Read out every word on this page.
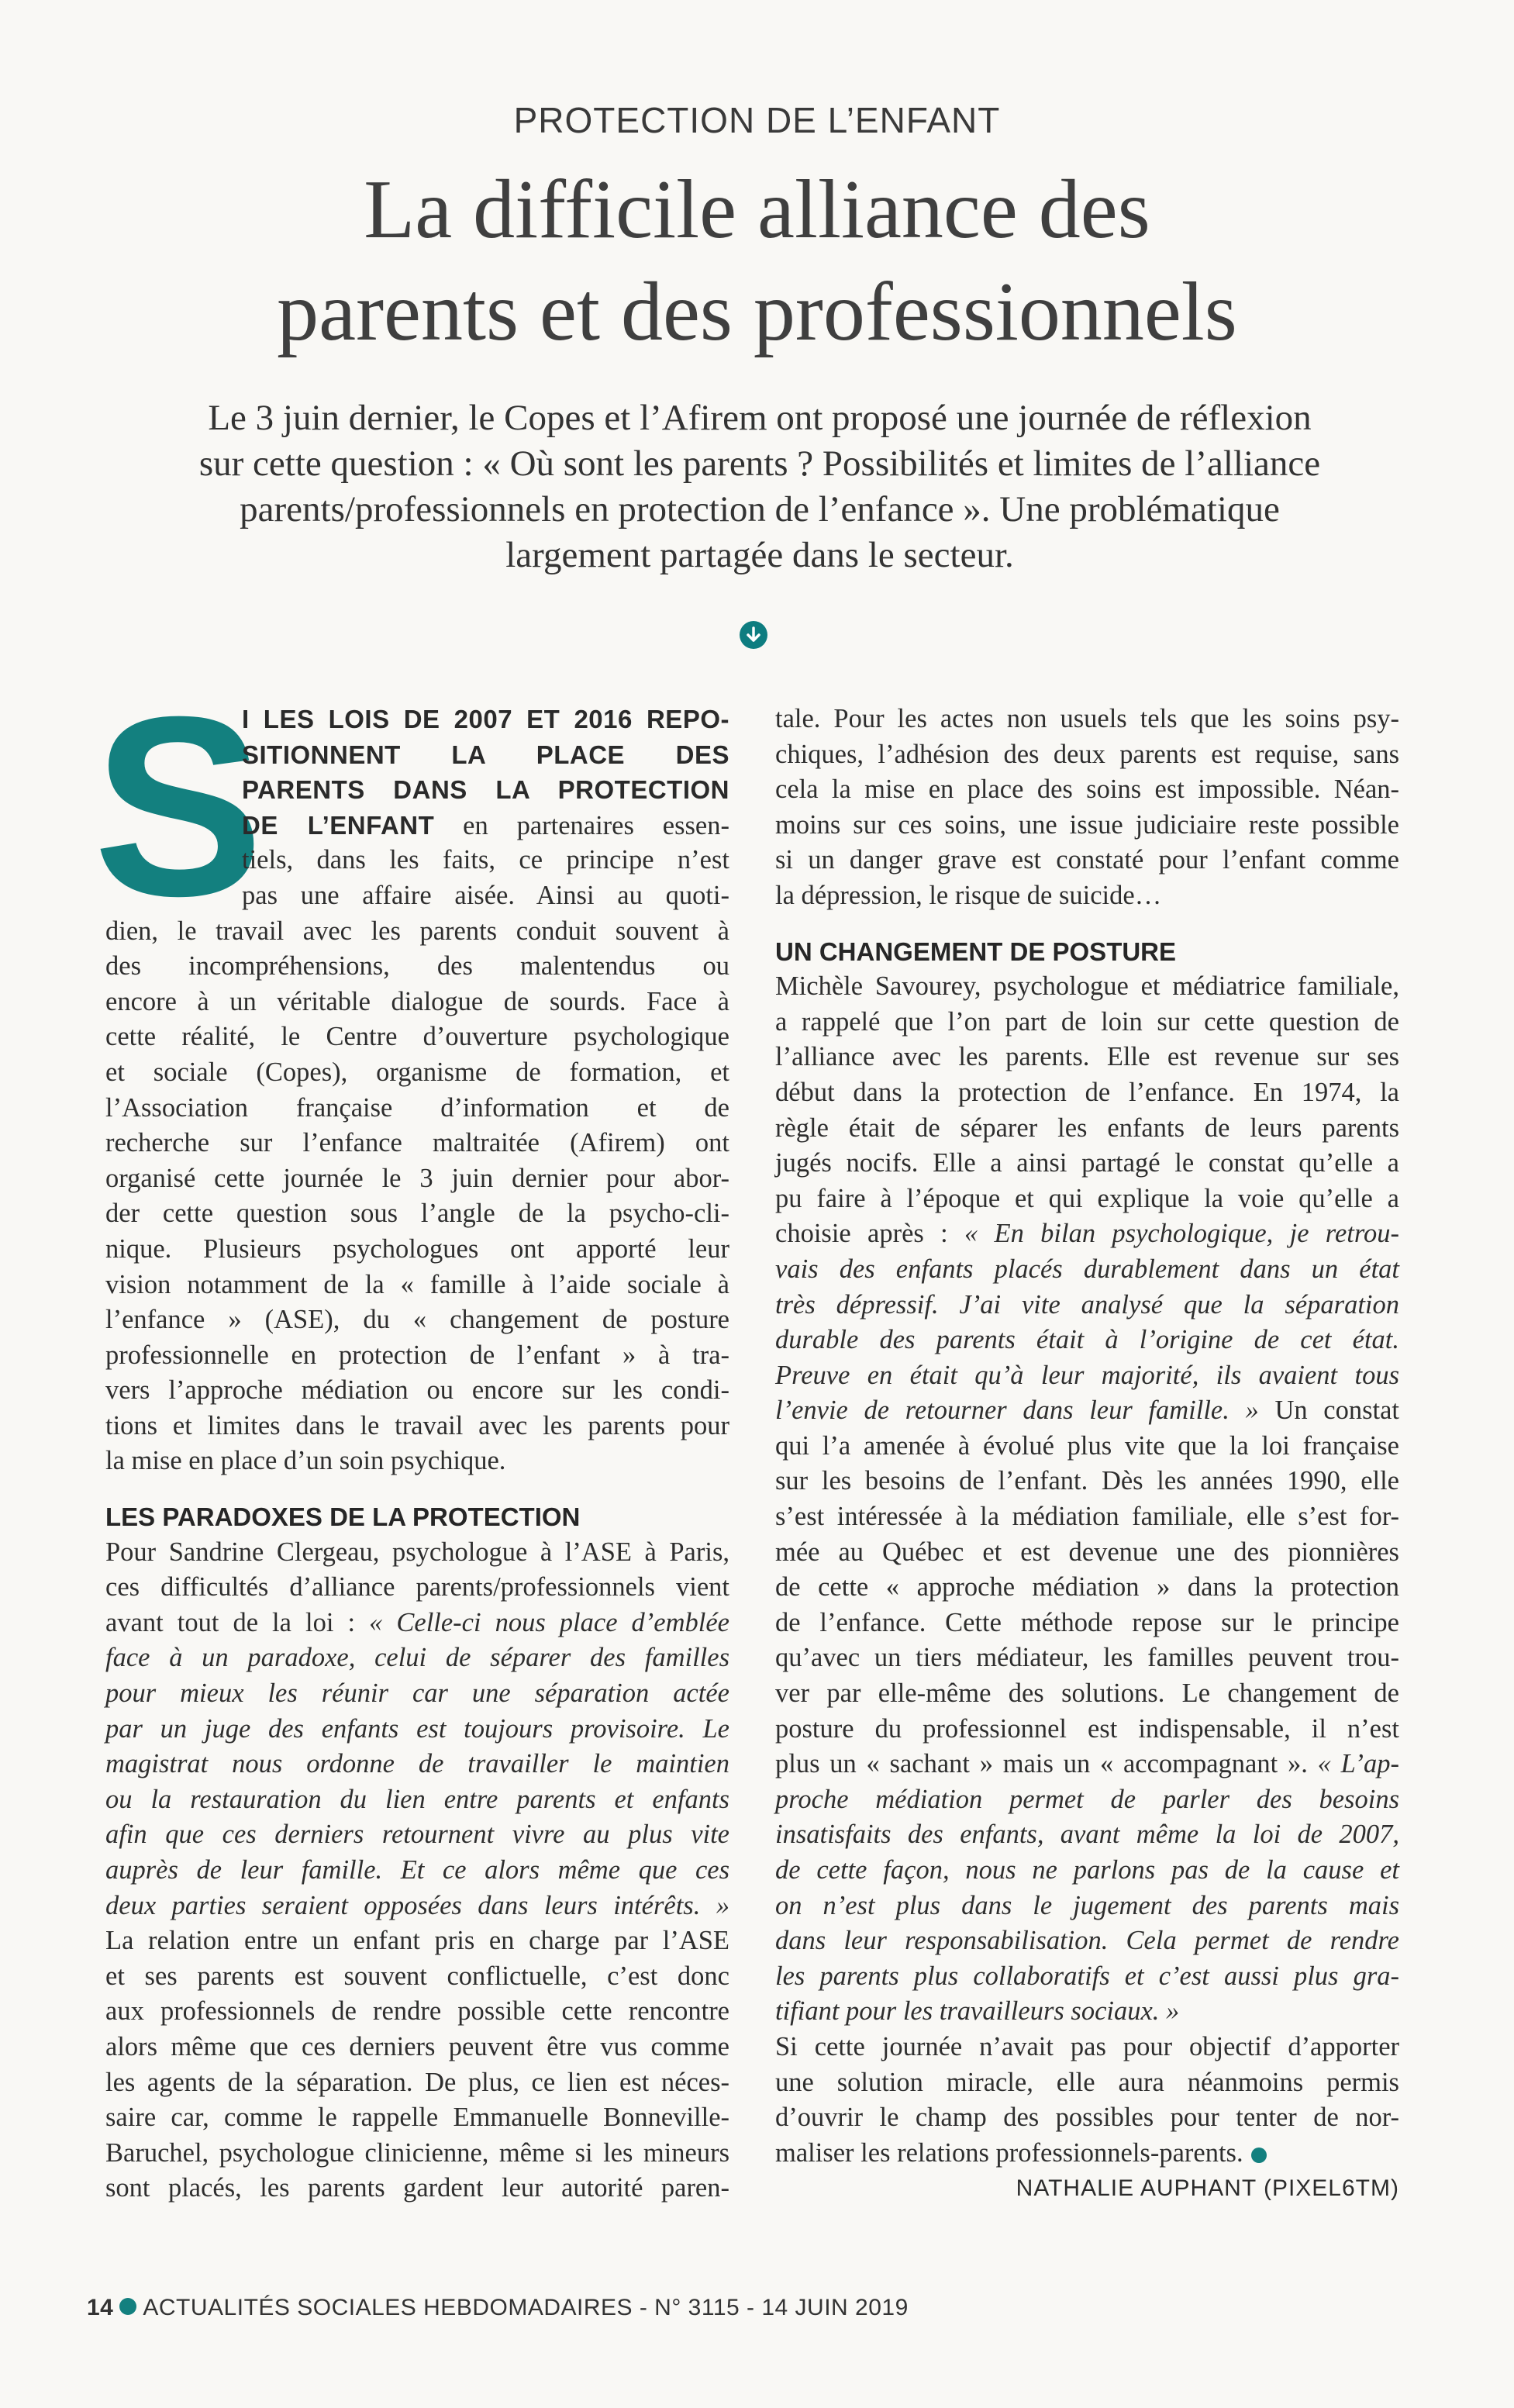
PROTECTION DE L’ENFANT
La difficile alliance des
parents et des professionnels
Le 3 juin dernier, le Copes et l’Afirem ont proposé une journée de réflexion
sur cette question : « Où sont les parents ? Possibilités et limites de l’alliance
parents/professionnels en protection de l’enfance ». Une problématique
largement partagée dans le secteur.
S
I LES LOIS DE 2007 ET 2016 REPO-
SITIONNENT LA PLACE DES
PARENTS DANS LA PROTECTION
DE L’ENFANT en partenaires essen-
tiels, dans les faits, ce principe n’est
pas une affaire aisée. Ainsi au quoti-
dien, le travail avec les parents conduit souvent à
des incompréhensions, des malentendus ou
encore à un véritable dialogue de sourds. Face à
cette réalité, le Centre d’ouverture psychologique
et sociale (Copes), organisme de formation, et
l’Association française d’information et de
recherche sur l’enfance maltraitée (Afirem) ont
organisé cette journée le 3 juin dernier pour abor-
der cette question sous l’angle de la psycho-cli-
nique. Plusieurs psychologues ont apporté leur
vision notamment de la « famille à l’aide sociale à
l’enfance » (ASE), du « changement de posture
professionnelle en protection de l’enfant » à tra-
vers l’approche médiation ou encore sur les condi-
tions et limites dans le travail avec les parents pour
la mise en place d’un soin psychique.
LES PARADOXES DE LA PROTECTION
Pour Sandrine Clergeau, psychologue à l’ASE à Paris,
ces difficultés d’alliance parents/professionnels vient
avant tout de la loi : « Celle-ci nous place d’emblée
face à un paradoxe, celui de séparer des familles
pour mieux les réunir car une séparation actée
par un juge des enfants est toujours provisoire. Le
magistrat nous ordonne de travailler le maintien
ou la restauration du lien entre parents et enfants
afin que ces derniers retournent vivre au plus vite
auprès de leur famille. Et ce alors même que ces
deux parties seraient opposées dans leurs intérêts. »
La relation entre un enfant pris en charge par l’ASE
et ses parents est souvent conflictuelle, c’est donc
aux professionnels de rendre possible cette rencontre
alors même que ces derniers peuvent être vus comme
les agents de la séparation. De plus, ce lien est néces-
saire car, comme le rappelle Emmanuelle Bonneville-
Baruchel, psychologue clinicienne, même si les mineurs
sont placés, les parents gardent leur autorité paren-
tale. Pour les actes non usuels tels que les soins psy-
chiques, l’adhésion des deux parents est requise, sans
cela la mise en place des soins est impossible. Néan-
moins sur ces soins, une issue judiciaire reste possible
si un danger grave est constaté pour l’enfant comme
la dépression, le risque de suicide…
UN CHANGEMENT DE POSTURE
Michèle Savourey, psychologue et médiatrice familiale,
a rappelé que l’on part de loin sur cette question de
l’alliance avec les parents. Elle est revenue sur ses
début dans la protection de l’enfance. En 1974, la
règle était de séparer les enfants de leurs parents
jugés nocifs. Elle a ainsi partagé le constat qu’elle a
pu faire à l’époque et qui explique la voie qu’elle a
choisie après : « En bilan psychologique, je retrou-
vais des enfants placés durablement dans un état
très dépressif. J’ai vite analysé que la séparation
durable des parents était à l’origine de cet état.
Preuve en était qu’à leur majorité, ils avaient tous
l’envie de retourner dans leur famille. » Un constat
qui l’a amenée à évolué plus vite que la loi française
sur les besoins de l’enfant. Dès les années 1990, elle
s’est intéressée à la médiation familiale, elle s’est for-
mée au Québec et est devenue une des pionnières
de cette « approche médiation » dans la protection
de l’enfance. Cette méthode repose sur le principe
qu’avec un tiers médiateur, les familles peuvent trou-
ver par elle-même des solutions. Le changement de
posture du professionnel est indispensable, il n’est
plus un « sachant » mais un « accompagnant ». « L’ap-
proche médiation permet de parler des besoins
insatisfaits des enfants, avant même la loi de 2007,
de cette façon, nous ne parlons pas de la cause et
on n’est plus dans le jugement des parents mais
dans leur responsabilisation. Cela permet de rendre
les parents plus collaboratifs et c’est aussi plus gra-
tifiant pour les travailleurs sociaux. »
Si cette journée n’avait pas pour objectif d’apporter
une solution miracle, elle aura néanmoins permis
d’ouvrir le champ des possibles pour tenter de nor-
maliser les relations professionnels-parents.
NATHALIE AUPHANT (PIXEL6TM)
14 ACTUALITÉS SOCIALES HEBDOMADAIRES - N° 3115 - 14 JUIN 2019
